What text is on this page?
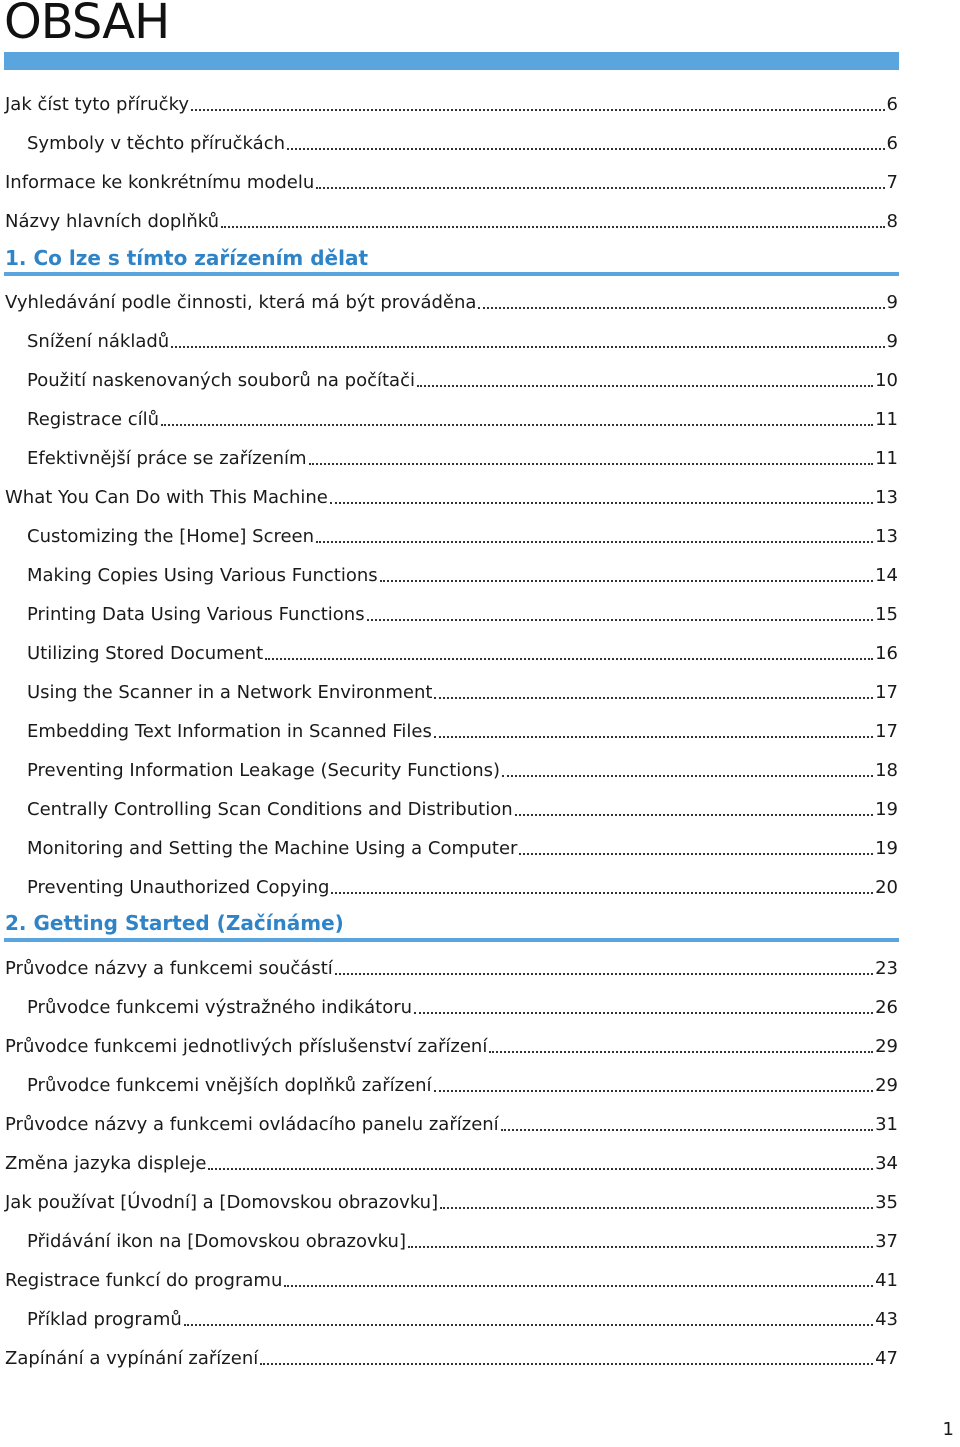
OBSAH
Jak číst tyto příručky	6
Symboly v těchto příručkách	6
Informace ke konkrétnímu modelu	7
Názvy hlavních doplňků	8
1. Co lze s tímto zařízením dělat
Vyhledávání podle činnosti, která má být prováděna	9
Snížení nákladů	9
Použití naskenovaných souborů na počítači	10
Registrace cílů	11
Efektivnější práce se zařízením	11
What You Can Do with This Machine	13
Customizing the [Home] Screen	13
Making Copies Using Various Functions	14
Printing Data Using Various Functions	15
Utilizing Stored Document	16
Using the Scanner in a Network Environment	17
Embedding Text Information in Scanned Files	17
Preventing Information Leakage (Security Functions)	18
Centrally Controlling Scan Conditions and Distribution	19
Monitoring and Setting the Machine Using a Computer	19
Preventing Unauthorized Copying	20
2. Getting Started (Začínáme)
Průvodce názvy a funkcemi součástí	23
Průvodce funkcemi výstražného indikátoru	26
Průvodce funkcemi jednotlivých příslušenství zařízení	29
Průvodce funkcemi vnějších doplňků zařízení	29
Průvodce názvy a funkcemi ovládacího panelu zařízení	31
Změna jazyka displeje	34
Jak používat [Úvodní] a [Domovskou obrazovku]	35
Přidávání ikon na [Domovskou obrazovku]	37
Registrace funkcí do programu	41
Příklad programů	43
Zapínání a vypínání zařízení	47
1
